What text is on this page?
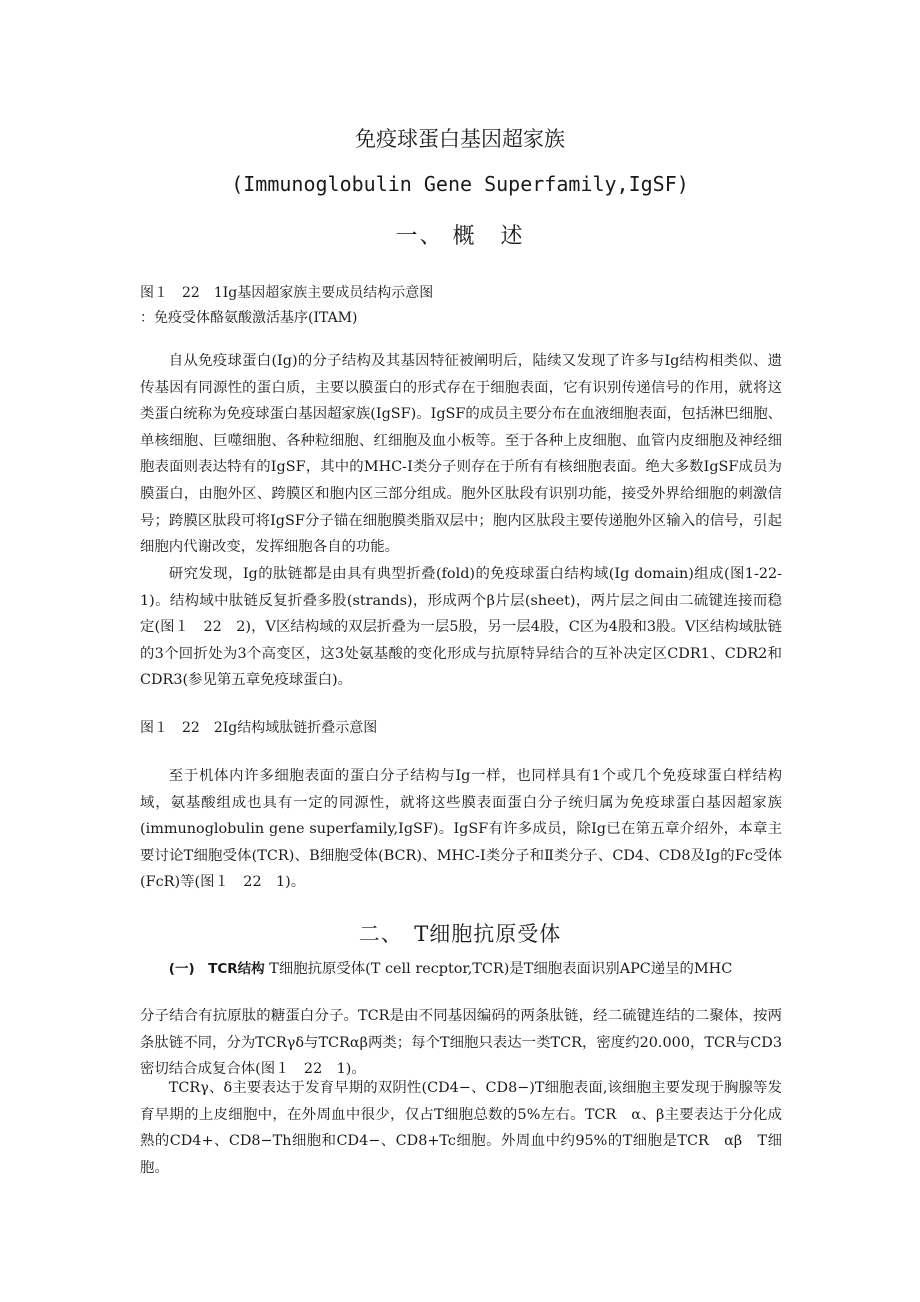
免疫球蛋白基因超家族
(Immunoglobulin Gene Superfamily,IgSF)
一、 概　述
图１　22　1Ig基因超家族主要成员结构示意图
：免疫受体酪氨酸激活基序(ITAM)

自从免疫球蛋白(Ig)的分子结构及其基因特征被阐明后，陆续又发现了许多与Ig结构相类似、遗传基因有同源性的蛋白质，主要以膜蛋白的形式存在于细胞表面，它有识别传递信号的作用，就将这类蛋白统称为免疫球蛋白基因超家族(IgSF)。IgSF的成员主要分布在血液细胞表面，包括淋巴细胞、单核细胞、巨噬细胞、各种粒细胞、红细胞及血小板等。至于各种上皮细胞、血管内皮细胞及神经细胞表面则表达特有的IgSF，其中的MHC-Ⅰ类分子则存在于所有有核细胞表面。绝大多数IgSF成员为膜蛋白，由胞外区、跨膜区和胞内区三部分组成。胞外区肽段有识别功能，接受外界给细胞的刺激信号；跨膜区肽段可将IgSF分子锚在细胞膜类脂双层中；胞内区肽段主要传递胞外区输入的信号，引起细胞内代谢改变，发挥细胞各自的功能。

研究发现，Ig的肽链都是由具有典型折叠(fold)的免疫球蛋白结构域(Ig domain)组成(图1-22-1)。结构域中肽链反复折叠多股(strands)，形成两个β片层(sheet)，两片层之间由二硫键连接而稳定(图１　22　2)，V区结构域的双层折叠为一层5股，另一层4股，C区为4股和3股。V区结构域肽链的3个回折处为3个高变区，这3处氨基酸的变化形成与抗原特异结合的互补决定区CDR1、CDR2和CDR3(参见第五章免疫球蛋白)。

图１　22　2Ig结构域肽链折叠示意图

至于机体内许多细胞表面的蛋白分子结构与Ig一样，也同样具有1个或几个免疫球蛋白样结构域，氨基酸组成也具有一定的同源性，就将这些膜表面蛋白分子统归属为免疫球蛋白基因超家族(immunoglobulin gene superfamily,IgSF)。IgSF有许多成员，除Ig已在第五章介绍外，本章主要讨论T细胞受体(TCR)、B细胞受体(BCR)、MHC-Ⅰ类分子和Ⅱ类分子、CD4、CD8及Ig的Fc受体(FcR)等(图１　22　1)。

二、　T细胞抗原受体

(一)　TCR结构 T细胞抗原受体(T cell recptor,TCR)是T细胞表面识别APC递呈的MHC

分子结合有抗原肽的糖蛋白分子。TCR是由不同基因编码的两条肽链，经二硫键连结的二聚体，按两条肽链不同，分为TCRγδ与TCRαβ两类；每个T细胞只表达一类TCR，密度约20.000，TCR与CD3密切结合成复合体(图１　22　1)。

TCRγ、δ主要表达于发育早期的双阴性(CD4−、CD8−)T细胞表面,该细胞主要发现于胸腺等发育早期的上皮细胞中，在外周血中很少，仅占T细胞总数的5%左右。TCR　α、β主要表达于分化成熟的CD4+、CD8−Th细胞和CD4−、CD8+Tc细胞。外周血中约95%的T细胞是TCR　αβ　T细胞。
